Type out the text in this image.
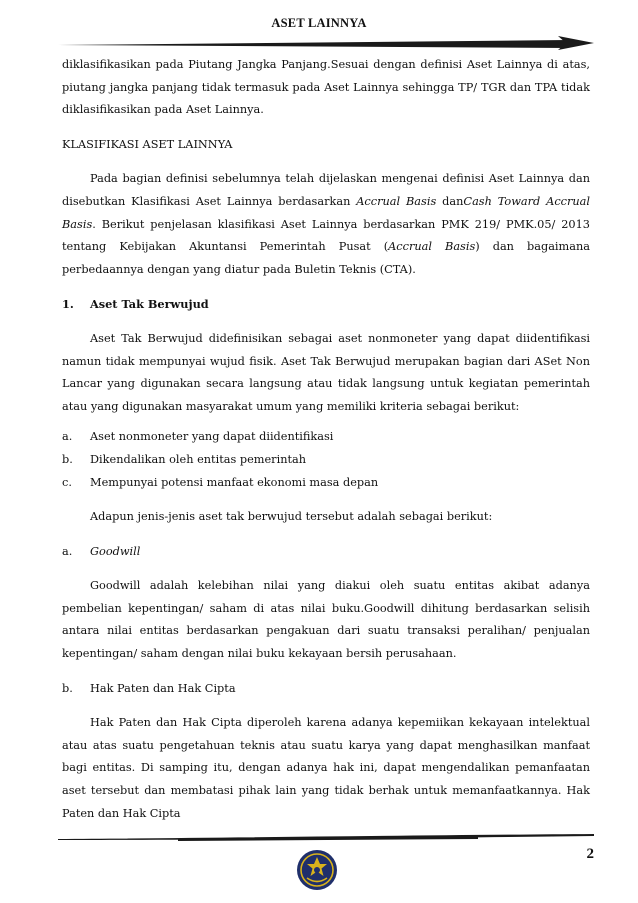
ASET LAINNYA

diklasifikasikan pada Piutang Jangka Panjang.Sesuai dengan definisi Aset Lainnya di atas, piutang jangka panjang tidak termasuk pada Aset Lainnya sehingga TP/ TGR dan TPA tidak diklasifikasikan pada Aset Lainnya.

KLASIFIKASI ASET LAINNYA

Pada bagian definisi sebelumnya telah dijelaskan mengenai definisi Aset Lainnya dan disebutkan Klasifikasi Aset Lainnya berdasarkan Accrual Basis danCash Toward Accrual Basis. Berikut penjelasan klasifikasi Aset Lainnya berdasarkan PMK 219/ PMK.05/ 2013 tentang Kebijakan Akuntansi Pemerintah Pusat (Accrual Basis) dan bagaimana perbedaannya dengan yang diatur pada Buletin Teknis (CTA).

1. Aset Tak Berwujud

Aset Tak Berwujud didefinisikan sebagai aset nonmoneter yang dapat diidentifikasi namun tidak mempunyai wujud fisik. Aset Tak Berwujud merupakan bagian dari ASet Non Lancar yang digunakan secara langsung atau tidak langsung untuk kegiatan pemerintah atau yang digunakan masyarakat umum yang memiliki kriteria sebagai berikut:

a. Aset nonmoneter yang dapat diidentifikasi

b. Dikendalikan oleh entitas pemerintah

c. Mempunyai potensi manfaat ekonomi masa depan

Adapun jenis-jenis aset tak berwujud tersebut adalah sebagai berikut:

a. Goodwill

Goodwill adalah kelebihan nilai yang diakui oleh suatu entitas akibat adanya pembelian kepentingan/ saham di atas nilai buku.Goodwill dihitung berdasarkan selisih antara nilai entitas berdasarkan pengakuan dari suatu transaksi peralihan/ penjualan kepentingan/ saham dengan nilai buku kekayaan bersih perusahaan.

b. Hak Paten dan Hak Cipta

Hak Paten dan Hak Cipta diperoleh karena adanya kepemiikan kekayaan intelektual atau atas suatu pengetahuan teknis atau suatu karya yang dapat menghasilkan manfaat bagi entitas. Di samping itu, dengan adanya hak ini, dapat mengendalikan pemanfaatan aset tersebut dan membatasi pihak lain yang tidak berhak untuk memanfaatkannya. Hak Paten dan Hak Cipta

2
